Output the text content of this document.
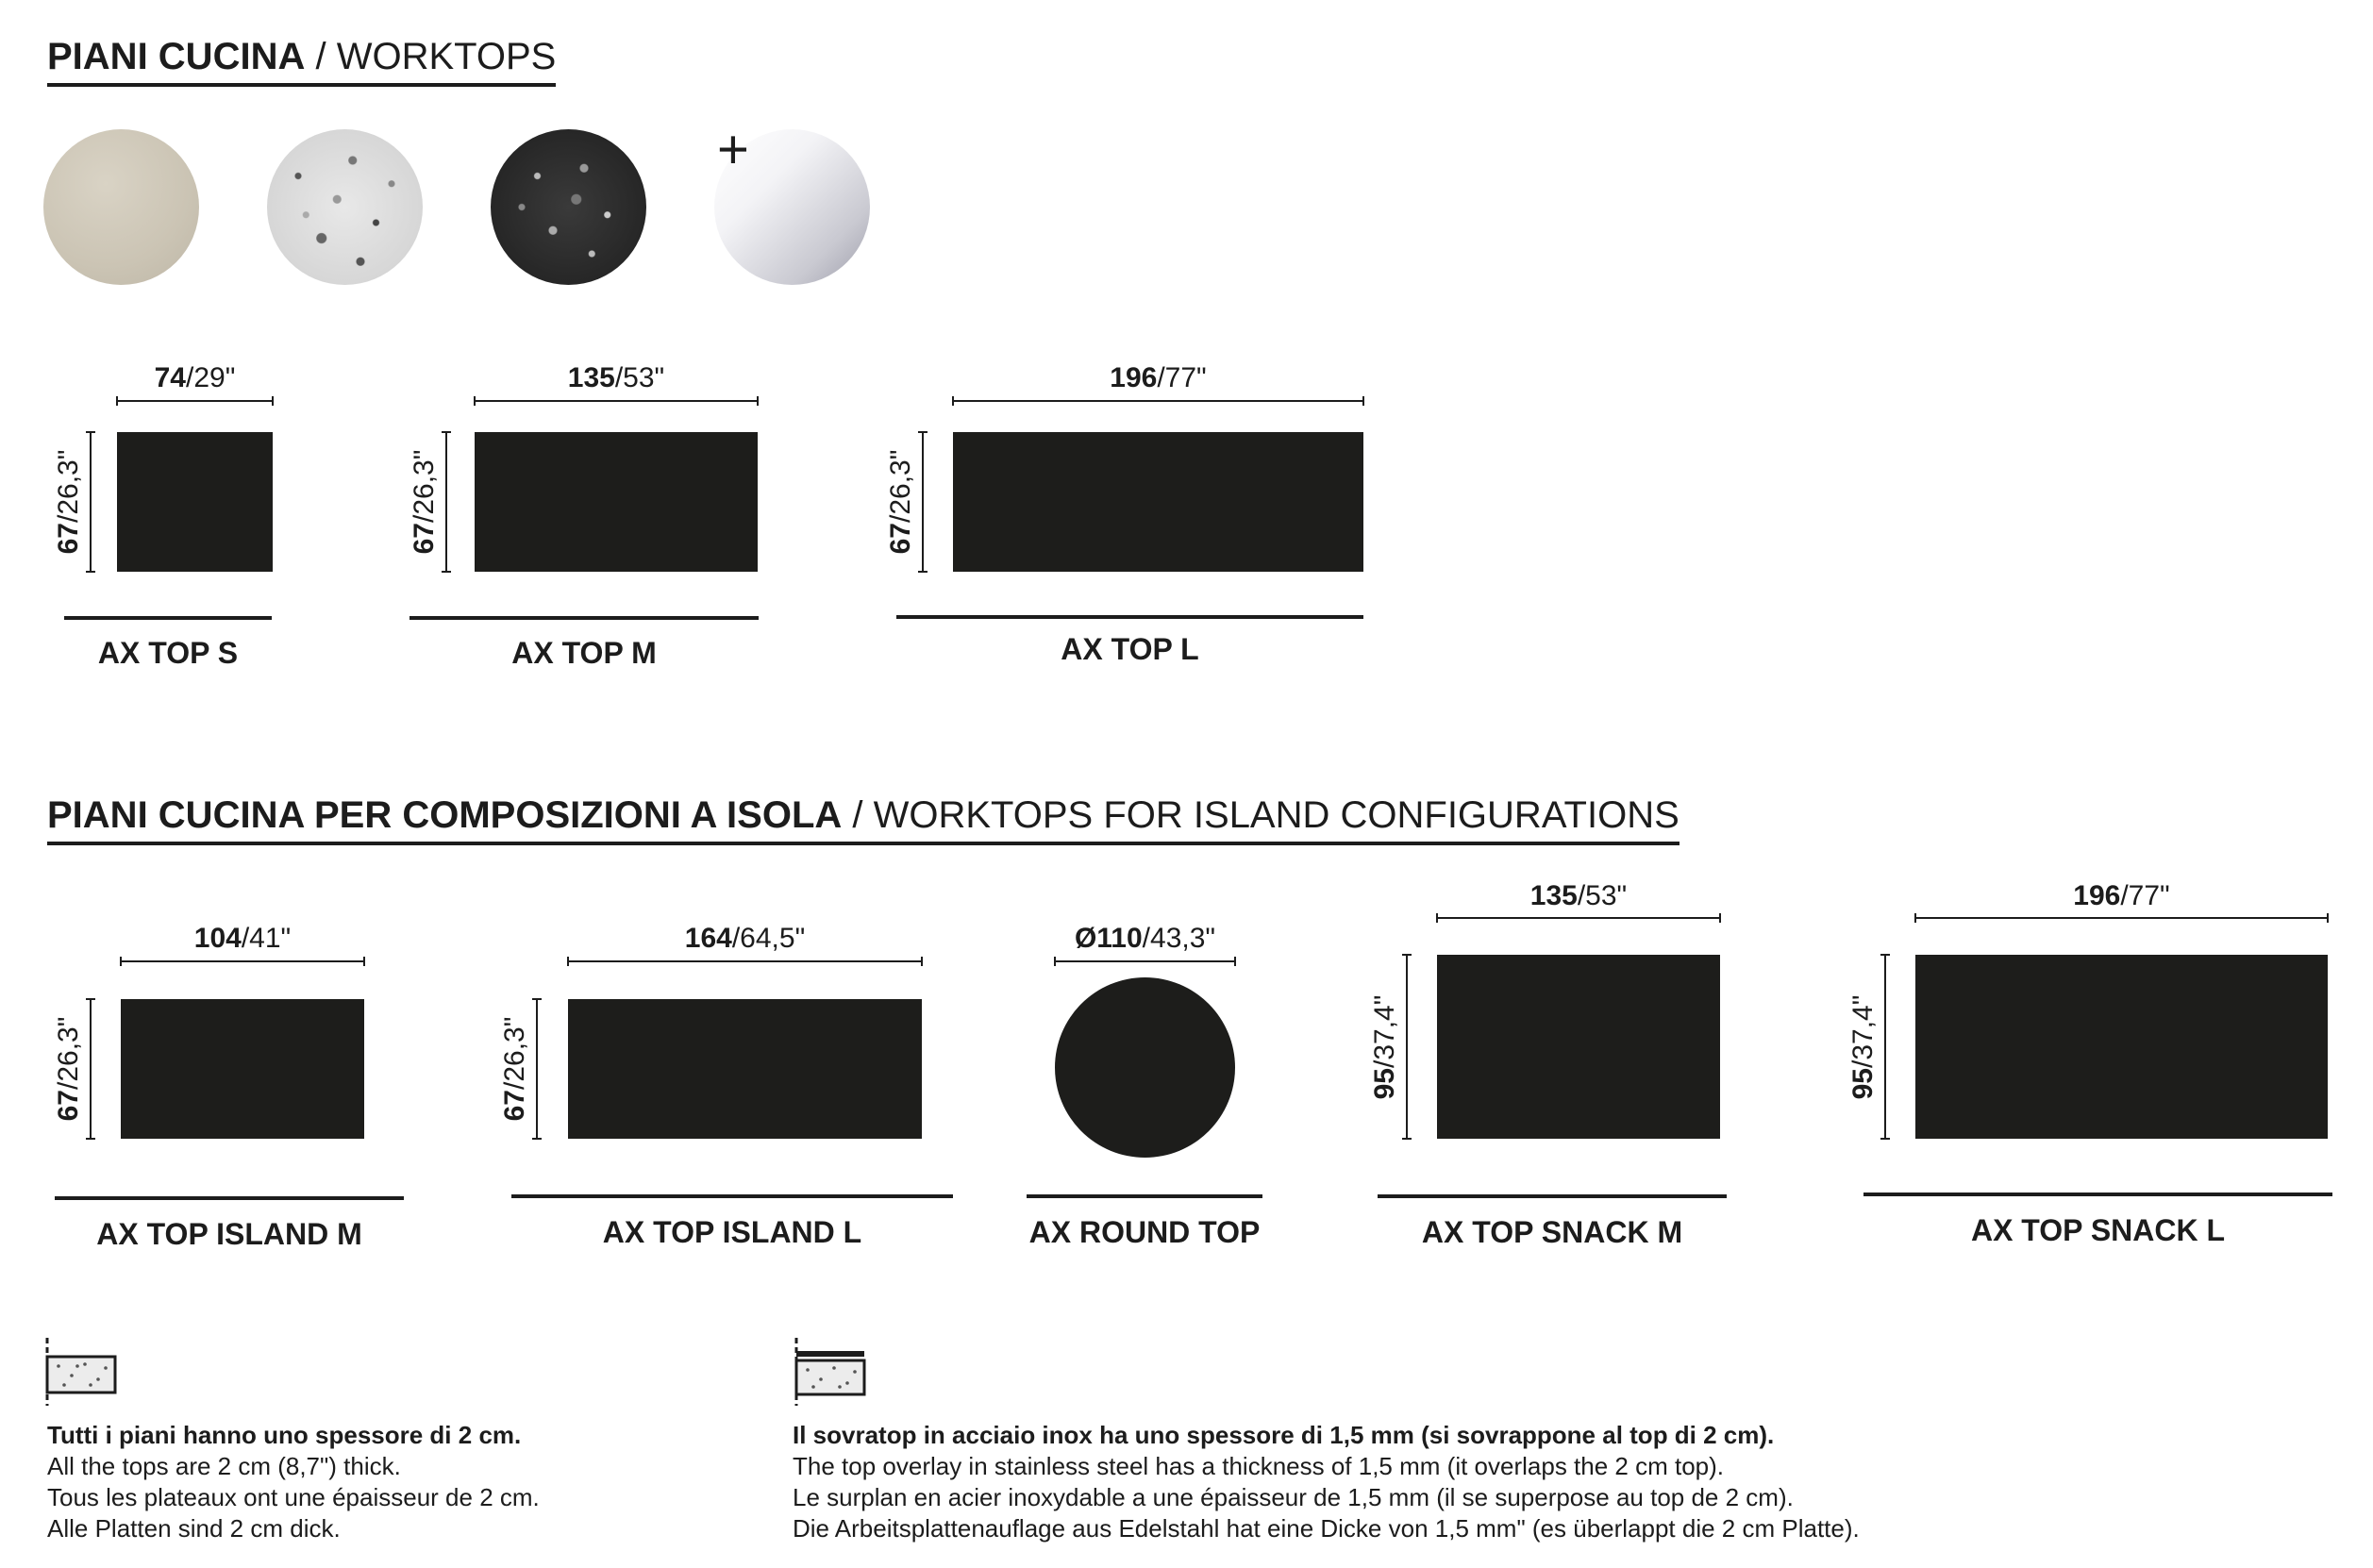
PIANI CUCINA / WORKTOPS
+
74/29"
67/26,3"
AX TOP S
135/53"
67/26,3"
AX TOP M
196/77"
67/26,3"
AX TOP L
PIANI CUCINA PER COMPOSIZIONI A ISOLA / WORKTOPS FOR ISLAND CONFIGURATIONS
104/41"
67/26,3"
AX TOP ISLAND M
164/64,5"
67/26,3"
AX TOP ISLAND L
Ø110/43,3"
AX ROUND TOP
135/53"
95/37,4"
AX TOP SNACK M
196/77"
95/37,4"
AX TOP SNACK L
Tutti i piani hanno uno spessore di 2 cm.
All the tops are 2 cm (8,7") thick.
Tous les plateaux ont une épaisseur de 2 cm.
Alle Platten sind 2 cm dick.
Il sovratop in acciaio inox ha uno spessore di 1,5 mm (si sovrappone al top di 2 cm).
The top overlay in stainless steel has a thickness of 1,5 mm (it overlaps the 2 cm top).
Le surplan en acier inoxydable a une épaisseur de 1,5 mm (il se superpose au top de 2 cm).
Die Arbeitsplattenauflage aus Edelstahl hat eine Dicke von 1,5 mm" (es überlappt die 2 cm Platte).
